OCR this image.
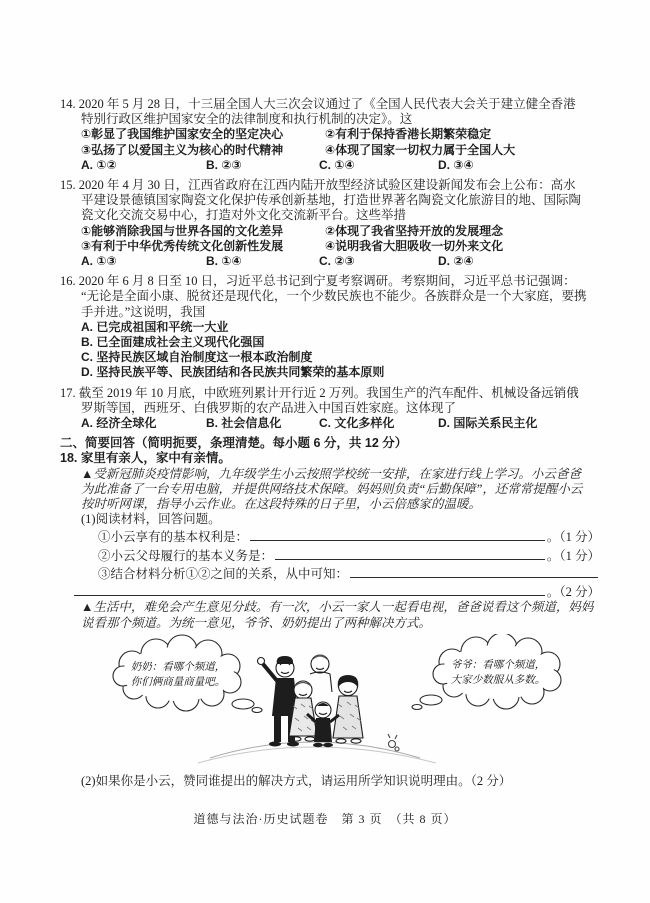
14. 2020 年 5 月 28 日，十三届全国人大三次会议通过了《全国人民代表大会关于建立健全香港
特别行政区维护国家安全的法律制度和执行机制的决定》。这
①彰显了我国维护国家安全的坚定决心	②有利于保持香港长期繁荣稳定
③弘扬了以爱国主义为核心的时代精神	④体现了国家一切权力属于全国人大
A. ①②	B. ②③	C. ①④	D. ③④
15. 2020 年 4 月 30 日，江西省政府在江西内陆开放型经济试验区建设新闻发布会上公布：高水
平建设景德镇国家陶瓷文化保护传承创新基地，打造世界著名陶瓷文化旅游目的地、国际陶
瓷文化交流交易中心，打造对外文化交流新平台。这些举措
①能够消除我国与世界各国的文化差异	②体现了我省坚持开放的发展理念
③有利于中华优秀传统文化创新性发展	④说明我省大胆吸收一切外来文化
A. ①③	B. ①④	C. ②③	D. ②④
16. 2020 年 6 月 8 日至 10 日，习近平总书记到宁夏考察调研。考察期间，习近平总书记强调：
“无论是全面小康、脱贫还是现代化，一个少数民族也不能少。各族群众是一个大家庭，要携
手并进。”这说明，我国
A. 已完成祖国和平统一大业
B. 已全面建成社会主义现代化强国
C. 坚持民族区域自治制度这一根本政治制度
D. 坚持民族平等、民族团结和各民族共同繁荣的基本原则
17. 截至 2019 年 10 月底，中欧班列累计开行近 2 万列。我国生产的汽车配件、机械设备远销俄
罗斯等国，西班牙、白俄罗斯的农产品进入中国百姓家庭。这体现了
A. 经济全球化	B. 社会信息化	C. 文化多样化	D. 国际关系民主化
二、简要回答（简明扼要，条理清楚。每小题 6 分，共 12 分）
18. 家里有亲人，家中有亲情。
▲受新冠肺炎疫情影响，九年级学生小云按照学校统一安排，在家进行线上学习。小云爸爸
为此准备了一台专用电脑，并提供网络技术保障。妈妈则负责“后勤保障”，还常常提醒小云
按时听网课，指导小云作业。在这段特殊的日子里，小云倍感家的温暖。
(1)阅读材料，回答问题。
①小云享有的基本权利是：	。（1 分）
②小云父母履行的基本义务是：	。（1 分）
③结合材料分析①②之间的关系，从中可知：
。（2 分）
▲生活中，难免会产生意见分歧。有一次，小云一家人一起看电视，爸爸说看这个频道，妈妈
说看那个频道。为统一意见，爷爷、奶奶提出了两种解决方式。
奶奶：看哪个频道，
你们俩商量商量吧。
爷爷：看哪个频道，
大家少数服从多数。
(2)如果你是小云，赞同谁提出的解决方式，请运用所学知识说明理由。（2 分）
道德与法治·历史试题卷　第 3 页　（共 8 页）
